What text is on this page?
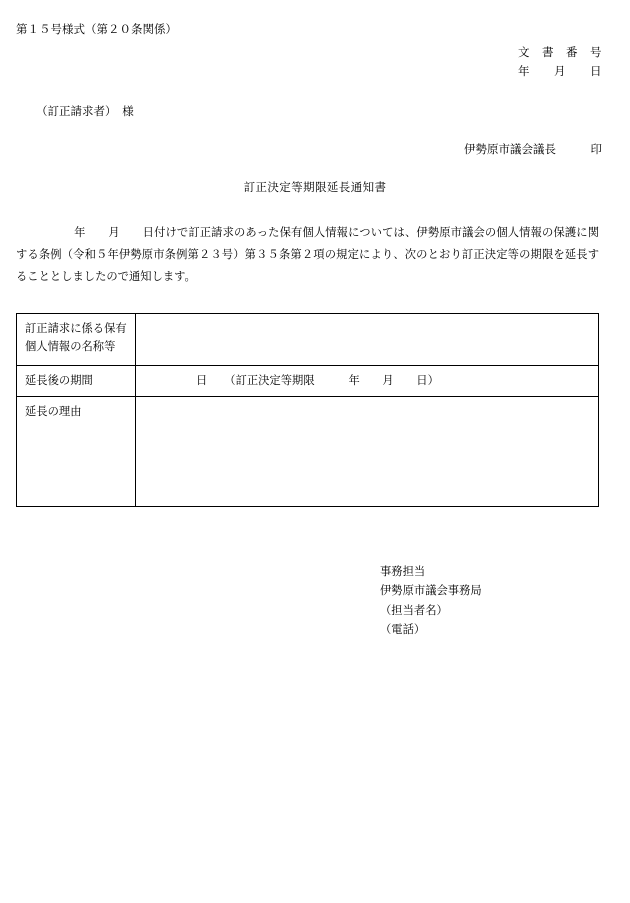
第１５号様式（第２０条関係）
文　書　番　号
年　　月　　日
（訂正請求者）　様
伊勢原市議会議長　　　印
訂正決定等期限延長通知書
年　　月　　日付けで訂正請求のあった保有個人情報については、伊勢原市議会の個人情報の保護に関する条例（令和５年伊勢原市条例第２３号）第３５条第２項の規定により、次のとおり訂正決定等の期限を延長することとしましたので通知します。
訂正請求に係る保有個人情報の名称等	
延長後の期間	日　　（訂正決定等期限　　　年　　月　　日）
延長の理由	
事務担当
伊勢原市議会事務局
（担当者名）
（電話）
